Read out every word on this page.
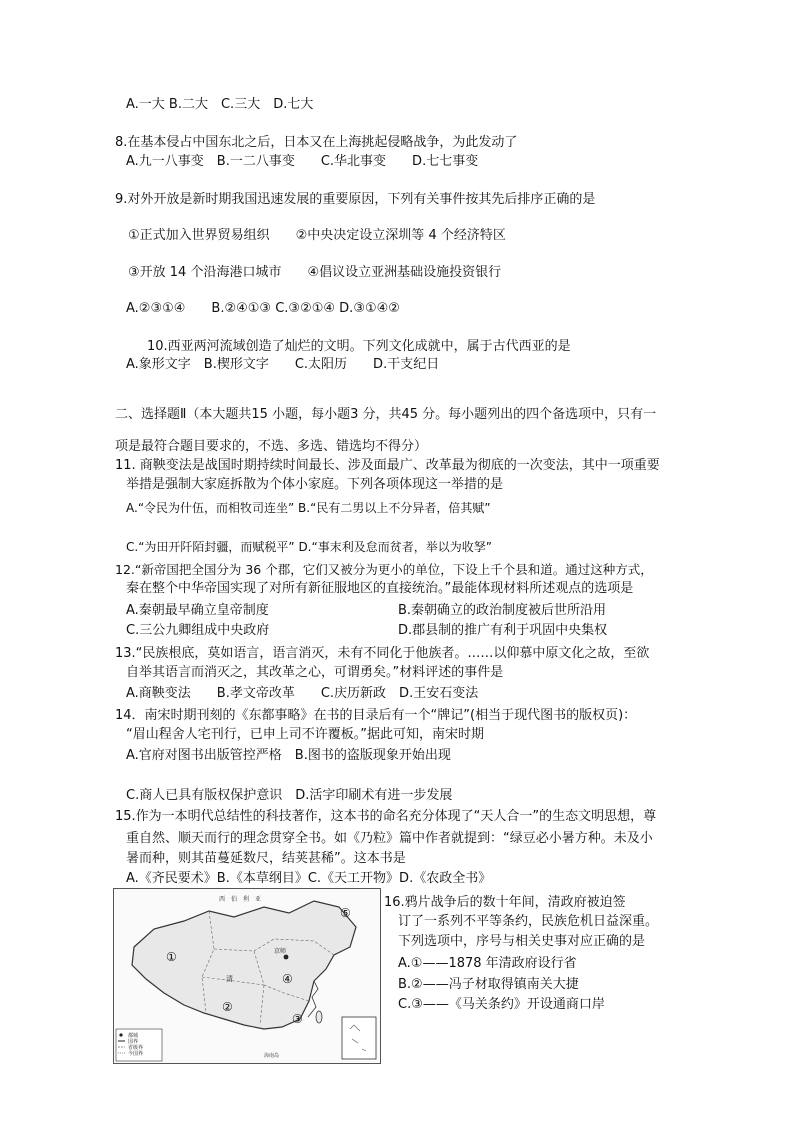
A.一大 B.二大　C.三大　D.七大
8.在基本侵占中国东北之后，日本又在上海挑起侵略战争，为此发动了
A.九一八事变　B.一二八事变　　C.华北事变　　D.七七事变
9.对外开放是新时期我国迅速发展的重要原因，下列有关事件按其先后排序正确的是
①正式加入世界贸易组织　　②中央决定设立深圳等 4 个经济特区
③开放 14 个沿海港口城市　　④倡议设立亚洲基础设施投资银行
A.②③①④　　B.②④①③ C.③②①④ D.③①④②
10.西亚两河流域创造了灿烂的文明。下列文化成就中，属于古代西亚的是
A.象形文字　B.楔形文字　　C.太阳历　　D.干支纪日
二、选择题Ⅱ（本大题共15 小题，每小题3 分，共45 分。每小题列出的四个备选项中，只有一
项是最符合题目要求的，不选、多选、错选均不得分）
11. 商鞅变法是战国时期持续时间最长、涉及面最广、改革最为彻底的一次变法，其中一项重要
举措是强制大家庭拆散为个体小家庭。下列各项体现这一举措的是
A.“令民为什伍，而相牧司连坐” B.“民有二男以上不分异者，倍其赋”
C.“为田开阡陌封疆，而赋税平” D.“事末利及怠而贫者，举以为收孥”
12.“新帝国把全国分为 36 个郡，它们又被分为更小的单位，下设上千个县和道。通过这种方式，
秦在整个中华帝国实现了对所有新征服地区的直接统治。”最能体现材料所述观点的选项是
A.秦朝最早确立皇帝制度	B.秦朝确立的政治制度被后世所沿用
C.三公九卿组成中央政府	D.郡县制的推广有利于巩固中央集权
13.“民族根底，莫如语言，语言消灭，未有不同化于他族者。……以仰慕中原文化之故，至欲
自举其语言而消灭之，其改革之心，可谓勇矣。”材料评述的事件是
A.商鞅变法　　B.孝文帝改革　　C.庆历新政　D.王安石变法
14．南宋时期刊刻的《东都事略》在书的目录后有一个“牌记”(相当于现代图书的版权页)：
“眉山程舍人宅刊行，已申上司不许覆板。”据此可知，南宋时期
A.官府对图书出版管控严格　B.图书的盗版现象开始出现
C.商人已具有版权保护意识　D.活字印刷术有进一步发展
15.作为一本明代总结性的科技著作，这本书的命名充分体现了“天人合一”的生态文明思想，尊
重自然、顺天而行的理念贯穿全书。如《乃粒》篇中作者就提到：“绿豆必小暑方种。未及小
暑而种，则其苗蔓延数尺，结荚甚稀”。这本书是
A.《齐民要术》B.《本草纲目》C.《天工开物》D.《农政全书》
16.鸦片战争后的数十年间，清政府被迫签
订了一系列不平等条约，民族危机日益深重。
下列选项中，序号与相关史事对应正确的是
A.①——1878 年清政府设行省
B.②——冯子材取得镇南关大捷
C.③——《马关条约》开设通商口岸
西　伯　利　亚
京师
清
①
②
③
④
⑤
都城
国界
省级界
今国界	海南岛
